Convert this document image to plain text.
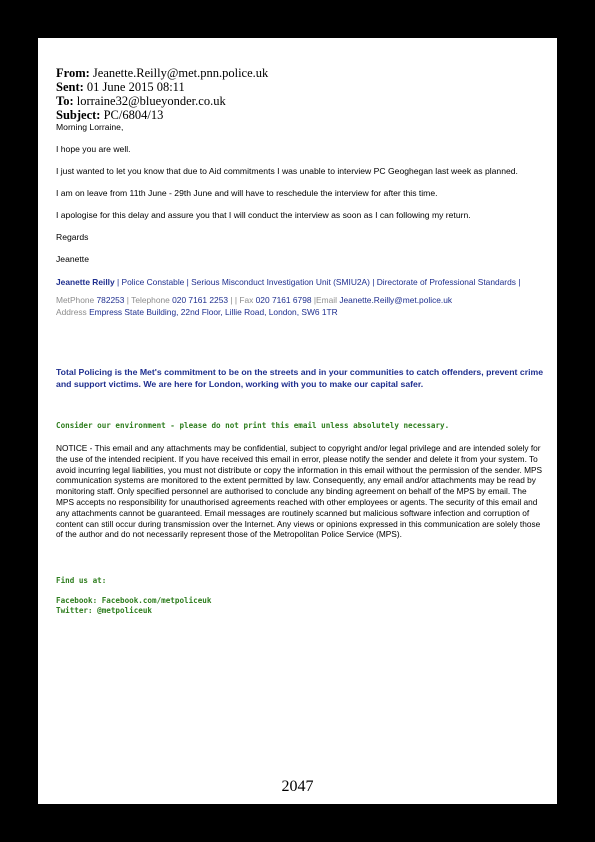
From: Jeanette.Reilly@met.pnn.police.uk
Sent: 01 June 2015 08:11
To: lorraine32@blueyonder.co.uk
Subject: PC/6804/13

Morning Lorraine,

I hope you are well.

I just wanted to let you know that due to Aid commitments I was unable to interview PC Geoghegan last week as planned.

I am on leave from 11th June - 29th June and will have to reschedule the interview for after this time.

I apologise for this delay and assure you that I will conduct the interview as soon as I can following my return.

Regards

Jeanette

Jeanette Reilly | Police Constable | Serious Misconduct Investigation Unit (SMIU2A) | Directorate of Professional Standards |
MetPhone 782253 | Telephone 020 7161 2253 | | Fax 020 7161 6798 |Email Jeanette.Reilly@met.police.uk
Address Empress State Building, 22nd Floor, Lillie Road, London, SW6 1TR
Total Policing is the Met's commitment to be on the streets and in your communities to catch offenders, prevent crime and support victims. We are here for London, working with you to make our capital safer.
Consider our environment - please do not print this email unless absolutely necessary.
NOTICE - This email and any attachments may be confidential, subject to copyright and/or legal privilege and are intended solely for the use of the intended recipient. If you have received this email in error, please notify the sender and delete it from your system. To avoid incurring legal liabilities, you must not distribute or copy the information in this email without the permission of the sender. MPS communication systems are monitored to the extent permitted by law. Consequently, any email and/or attachments may be read by monitoring staff. Only specified personnel are authorised to conclude any binding agreement on behalf of the MPS by email. The MPS accepts no responsibility for unauthorised agreements reached with other employees or agents. The security of this email and any attachments cannot be guaranteed. Email messages are routinely scanned but malicious software infection and corruption of content can still occur during transmission over the Internet. Any views or opinions expressed in this communication are solely those of the author and do not necessarily represent those of the Metropolitan Police Service (MPS).
Find us at:
Facebook: Facebook.com/metpoliceuk
Twitter: @metpoliceuk
2047
